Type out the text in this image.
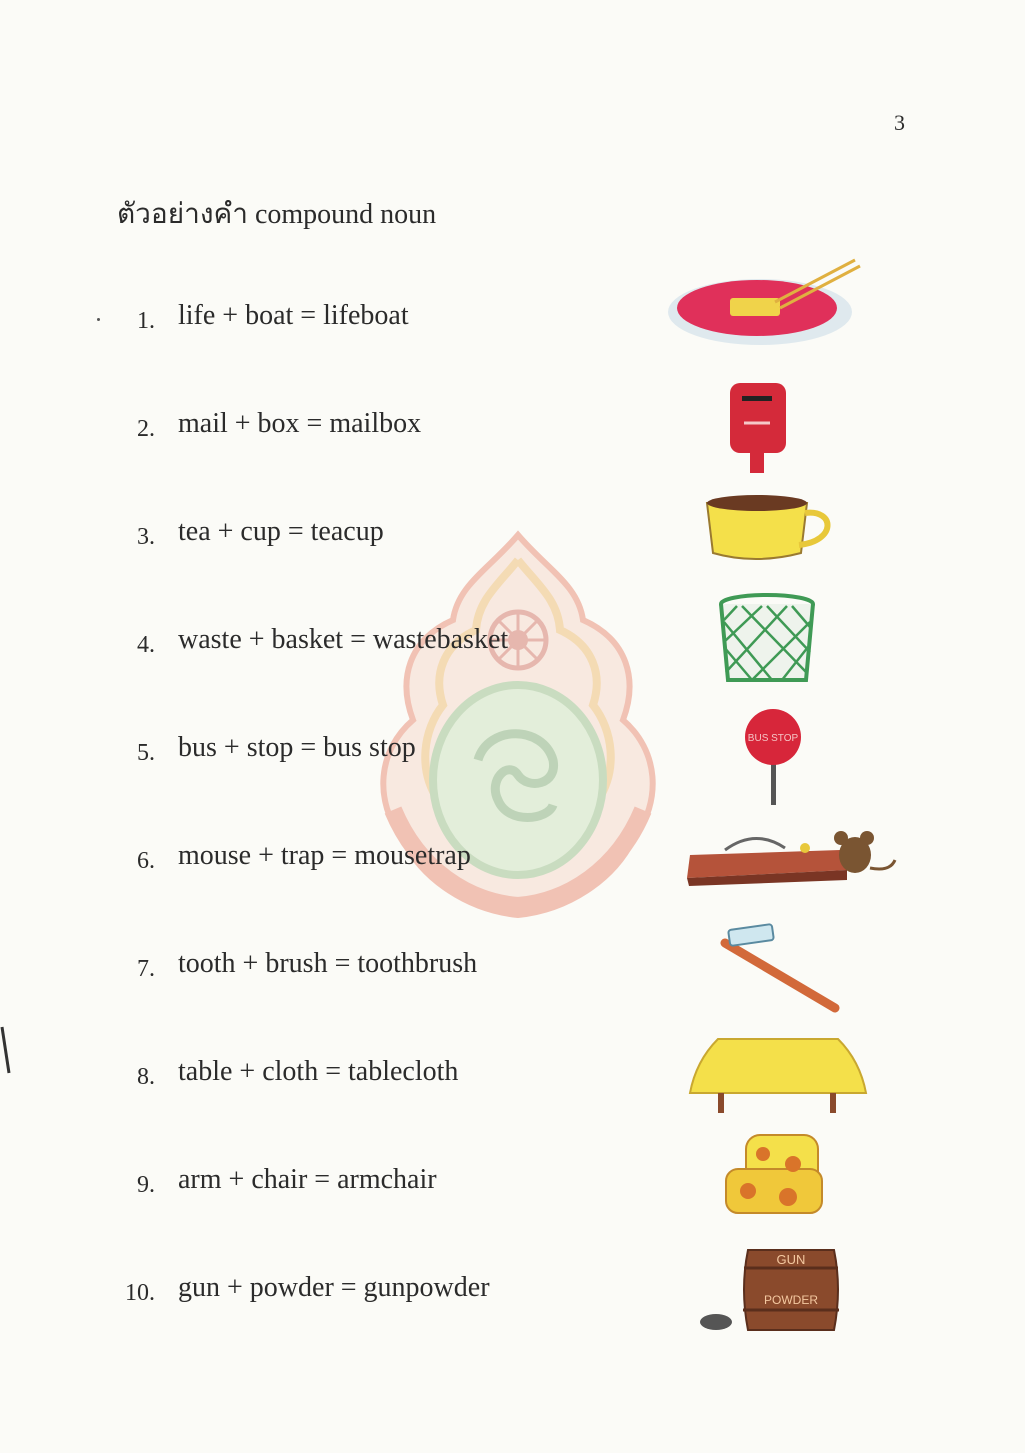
3
ตัวอย่างคำ compound noun
1. life + boat = lifeboat
2. mail + box = mailbox
3. tea + cup = teacup
4. waste + basket = wastebasket
5. bus + stop = bus stop	BUS STOP
6. mouse + trap = mousetrap
7. tooth + brush = toothbrush
8. table + cloth = tablecloth
9. arm + chair = armchair
10. gun + powder = gunpowder
GUN
POWDER
